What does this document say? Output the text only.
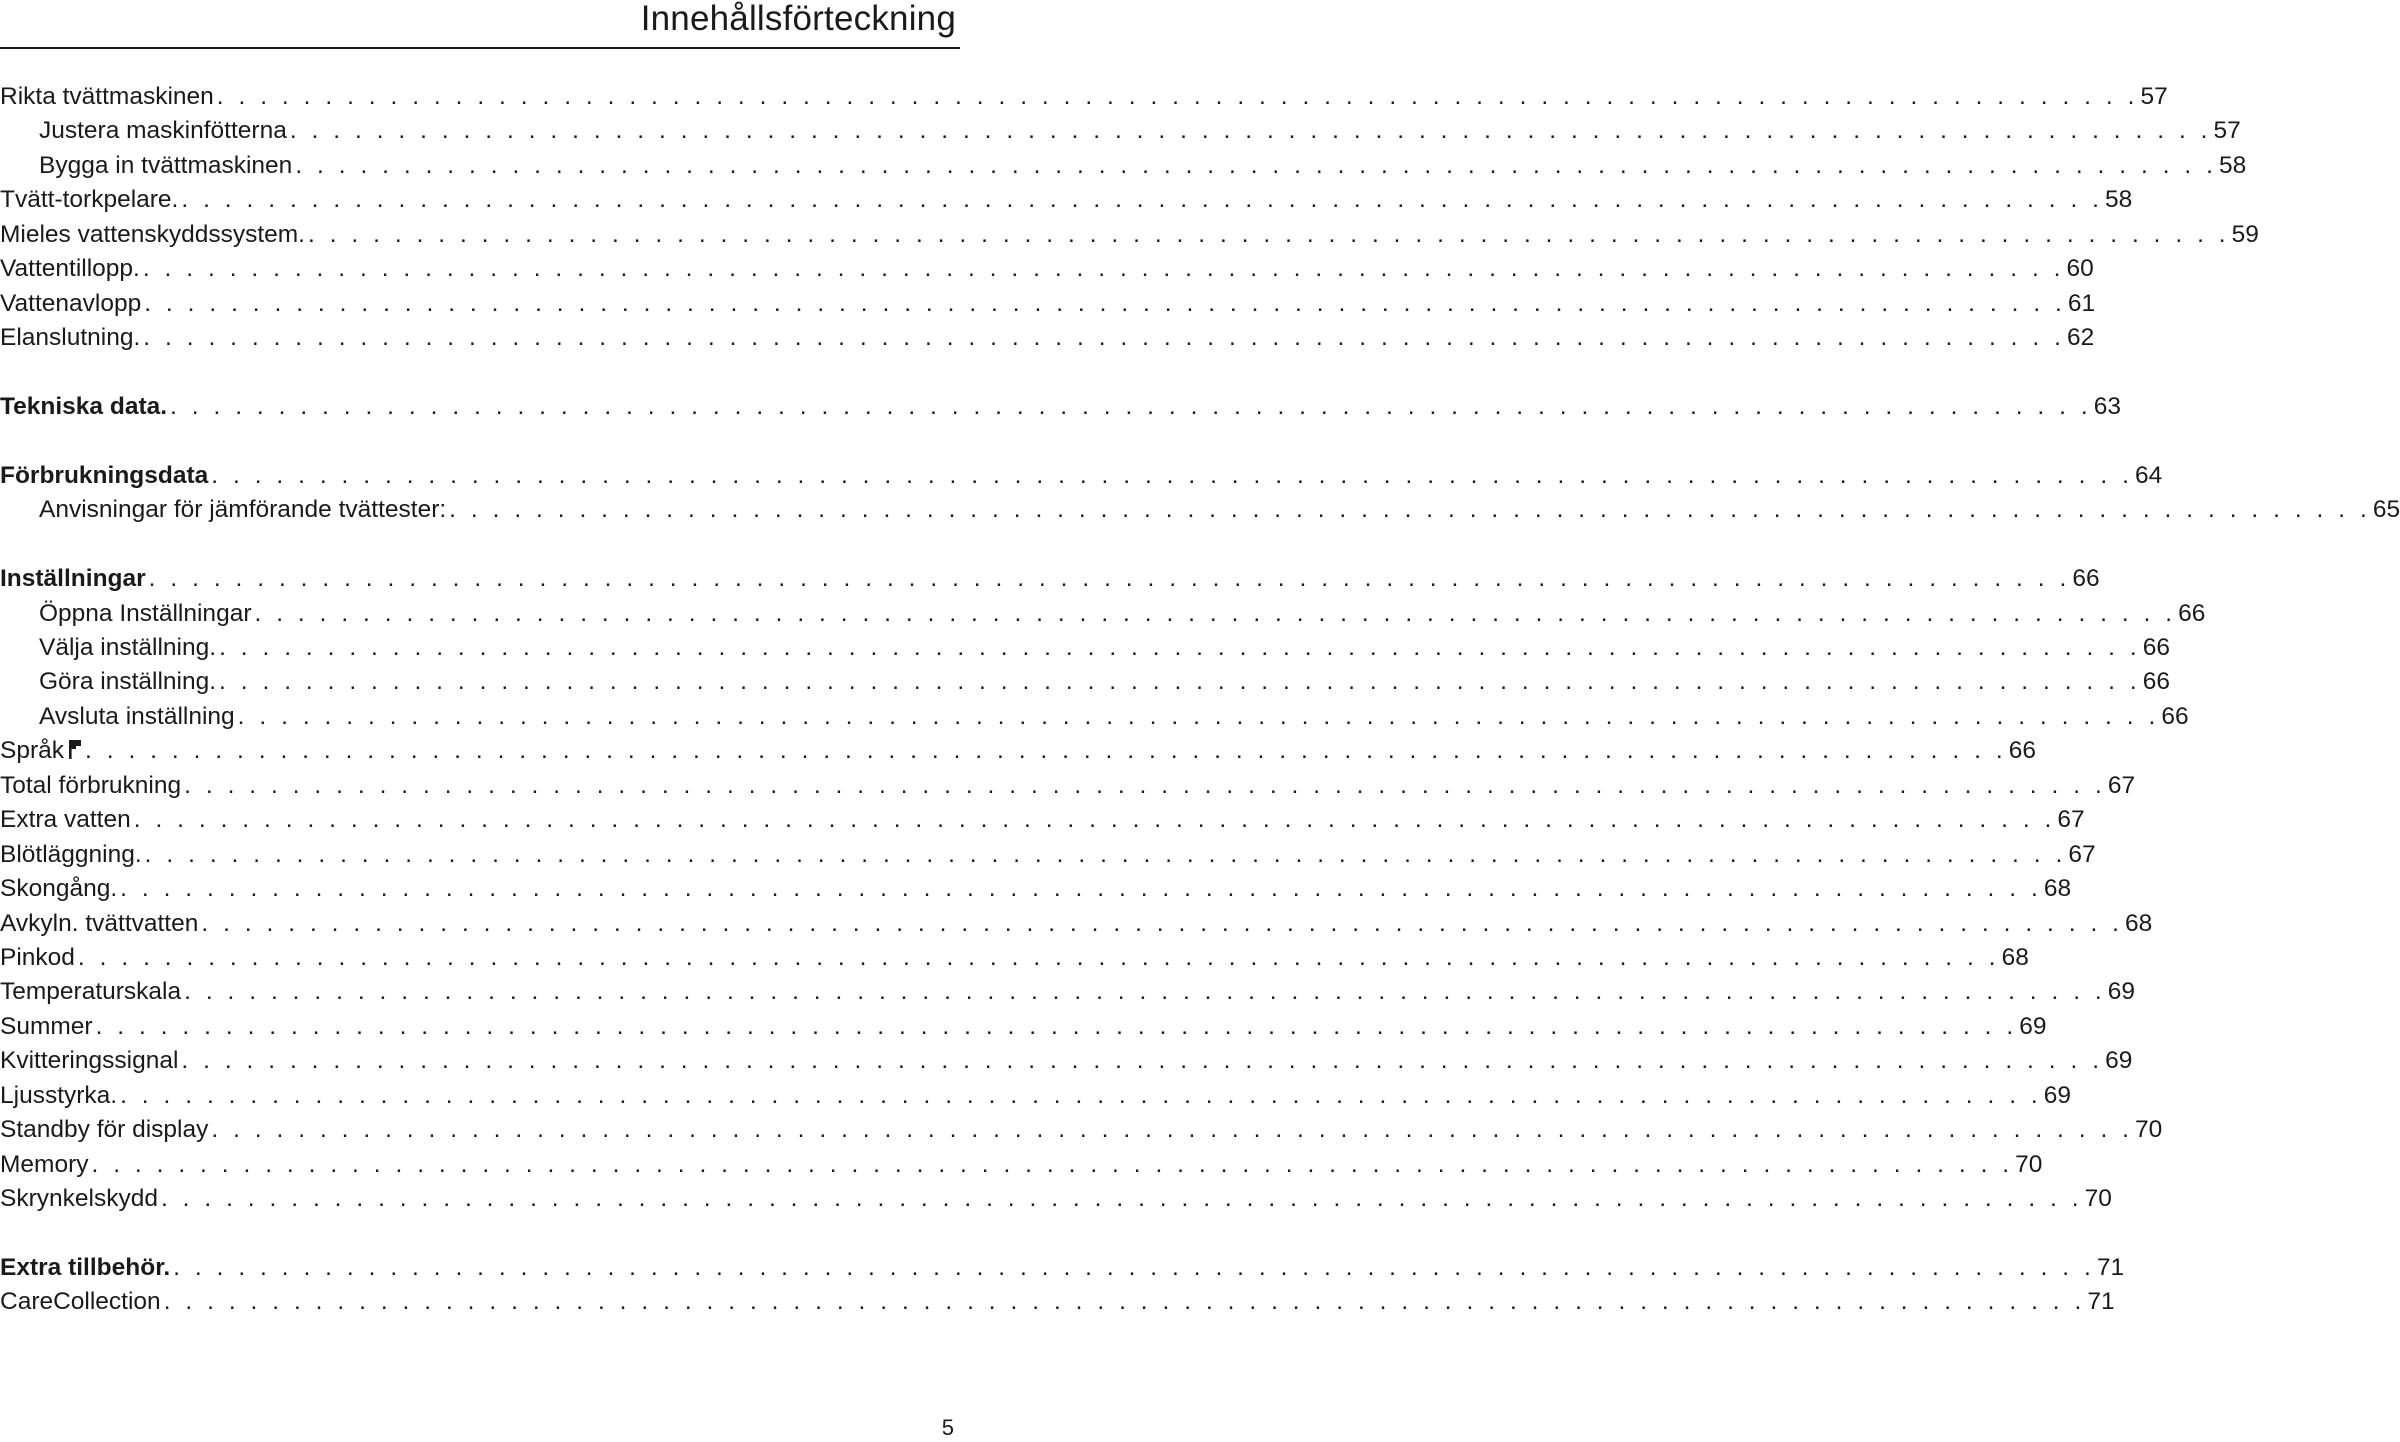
Innehållsförteckning
Rikta tvättmaskinen . . . . . . . . . . . . . . . . . . . . . . . . . . . . . . . . . . . . . . . . . . . . . . . . . . . . . . . . . . . . . . . . . . . . . . . . . . . . . . . . . . . . . . . . . 57
Justera maskinfötterna . . . . . . . . . . . . . . . . . . . . . . . . . . . . . . . . . . . . . . . . . . . . . . . . . . . . . . . . . . . . . . . . . . . . . . . . . . . . . . . . . . . . . . . . . 57
Bygga in tvättmaskinen . . . . . . . . . . . . . . . . . . . . . . . . . . . . . . . . . . . . . . . . . . . . . . . . . . . . . . . . . . . . . . . . . . . . . . . . . . . . . . . . . . . . . . . . . 58
Tvätt-torkpelare. . . . . . . . . . . . . . . . . . . . . . . . . . . . . . . . . . . . . . . . . . . . . . . . . . . . . . . . . . . . . . . . . . . . . . . . . . . . . . . . . . . . . . . . . . 58
Mieles vattenskyddssystem. . . . . . . . . . . . . . . . . . . . . . . . . . . . . . . . . . . . . . . . . . . . . . . . . . . . . . . . . . . . . . . . . . . . . . . . . . . . . . . . . . . . . . . . . . 59
Vattentillopp. . . . . . . . . . . . . . . . . . . . . . . . . . . . . . . . . . . . . . . . . . . . . . . . . . . . . . . . . . . . . . . . . . . . . . . . . . . . . . . . . . . . . . . . . . 60
Vattenavlopp . . . . . . . . . . . . . . . . . . . . . . . . . . . . . . . . . . . . . . . . . . . . . . . . . . . . . . . . . . . . . . . . . . . . . . . . . . . . . . . . . . . . . . . . . 61
Elanslutning. . . . . . . . . . . . . . . . . . . . . . . . . . . . . . . . . . . . . . . . . . . . . . . . . . . . . . . . . . . . . . . . . . . . . . . . . . . . . . . . . . . . . . . . . . 62
Tekniska data. . . . . . . . . . . . . . . . . . . . . . . . . . . . . . . . . . . . . . . . . . . . . . . . . . . . . . . . . . . . . . . . . . . . . . . . . . . . . . . . . . . . . . . . . . 63
Förbrukningsdata . . . . . . . . . . . . . . . . . . . . . . . . . . . . . . . . . . . . . . . . . . . . . . . . . . . . . . . . . . . . . . . . . . . . . . . . . . . . . . . . . . . . . . . . . 64
Anvisningar för jämförande tvättester: . . . . . . . . . . . . . . . . . . . . . . . . . . . . . . . . . . . . . . . . . . . . . . . . . . . . . . . . . . . . . . . . . . . . . . . . . . . . . . . . . . . . . . . . . 65
Inställningar . . . . . . . . . . . . . . . . . . . . . . . . . . . . . . . . . . . . . . . . . . . . . . . . . . . . . . . . . . . . . . . . . . . . . . . . . . . . . . . . . . . . . . . . . 66
Öppna Inställningar . . . . . . . . . . . . . . . . . . . . . . . . . . . . . . . . . . . . . . . . . . . . . . . . . . . . . . . . . . . . . . . . . . . . . . . . . . . . . . . . . . . . . . . . . 66
Välja inställning. . . . . . . . . . . . . . . . . . . . . . . . . . . . . . . . . . . . . . . . . . . . . . . . . . . . . . . . . . . . . . . . . . . . . . . . . . . . . . . . . . . . . . . . . . 66
Göra inställning. . . . . . . . . . . . . . . . . . . . . . . . . . . . . . . . . . . . . . . . . . . . . . . . . . . . . . . . . . . . . . . . . . . . . . . . . . . . . . . . . . . . . . . . . . 66
Avsluta inställning . . . . . . . . . . . . . . . . . . . . . . . . . . . . . . . . . . . . . . . . . . . . . . . . . . . . . . . . . . . . . . . . . . . . . . . . . . . . . . . . . . . . . . . . . 66
Språk . . . . . . . . . . . . . . . . . . . . . . . . . . . . . . . . . . . . . . . . . . . . . . . . . . . . . . . . . . . . . . . . . . . . . . . . . . . . . . . . . . . . . . . . . 66
Total förbrukning . . . . . . . . . . . . . . . . . . . . . . . . . . . . . . . . . . . . . . . . . . . . . . . . . . . . . . . . . . . . . . . . . . . . . . . . . . . . . . . . . . . . . . . . . 67
Extra vatten . . . . . . . . . . . . . . . . . . . . . . . . . . . . . . . . . . . . . . . . . . . . . . . . . . . . . . . . . . . . . . . . . . . . . . . . . . . . . . . . . . . . . . . . . 67
Blötläggning. . . . . . . . . . . . . . . . . . . . . . . . . . . . . . . . . . . . . . . . . . . . . . . . . . . . . . . . . . . . . . . . . . . . . . . . . . . . . . . . . . . . . . . . . . 67
Skongång. . . . . . . . . . . . . . . . . . . . . . . . . . . . . . . . . . . . . . . . . . . . . . . . . . . . . . . . . . . . . . . . . . . . . . . . . . . . . . . . . . . . . . . . . . 68
Avkyln. tvättvatten . . . . . . . . . . . . . . . . . . . . . . . . . . . . . . . . . . . . . . . . . . . . . . . . . . . . . . . . . . . . . . . . . . . . . . . . . . . . . . . . . . . . . . . . . 68
Pinkod . . . . . . . . . . . . . . . . . . . . . . . . . . . . . . . . . . . . . . . . . . . . . . . . . . . . . . . . . . . . . . . . . . . . . . . . . . . . . . . . . . . . . . . . . 68
Temperaturskala . . . . . . . . . . . . . . . . . . . . . . . . . . . . . . . . . . . . . . . . . . . . . . . . . . . . . . . . . . . . . . . . . . . . . . . . . . . . . . . . . . . . . . . . . 69
Summer . . . . . . . . . . . . . . . . . . . . . . . . . . . . . . . . . . . . . . . . . . . . . . . . . . . . . . . . . . . . . . . . . . . . . . . . . . . . . . . . . . . . . . . . . 69
Kvitteringssignal . . . . . . . . . . . . . . . . . . . . . . . . . . . . . . . . . . . . . . . . . . . . . . . . . . . . . . . . . . . . . . . . . . . . . . . . . . . . . . . . . . . . . . . . . 69
Ljusstyrka. . . . . . . . . . . . . . . . . . . . . . . . . . . . . . . . . . . . . . . . . . . . . . . . . . . . . . . . . . . . . . . . . . . . . . . . . . . . . . . . . . . . . . . . . . 69
Standby för display . . . . . . . . . . . . . . . . . . . . . . . . . . . . . . . . . . . . . . . . . . . . . . . . . . . . . . . . . . . . . . . . . . . . . . . . . . . . . . . . . . . . . . . . . 70
Memory . . . . . . . . . . . . . . . . . . . . . . . . . . . . . . . . . . . . . . . . . . . . . . . . . . . . . . . . . . . . . . . . . . . . . . . . . . . . . . . . . . . . . . . . . 70
Skrynkelskydd . . . . . . . . . . . . . . . . . . . . . . . . . . . . . . . . . . . . . . . . . . . . . . . . . . . . . . . . . . . . . . . . . . . . . . . . . . . . . . . . . . . . . . . . . 70
Extra tillbehör. . . . . . . . . . . . . . . . . . . . . . . . . . . . . . . . . . . . . . . . . . . . . . . . . . . . . . . . . . . . . . . . . . . . . . . . . . . . . . . . . . . . . . . . . . 71
CareCollection . . . . . . . . . . . . . . . . . . . . . . . . . . . . . . . . . . . . . . . . . . . . . . . . . . . . . . . . . . . . . . . . . . . . . . . . . . . . . . . . . . . . . . . . . 71
5
